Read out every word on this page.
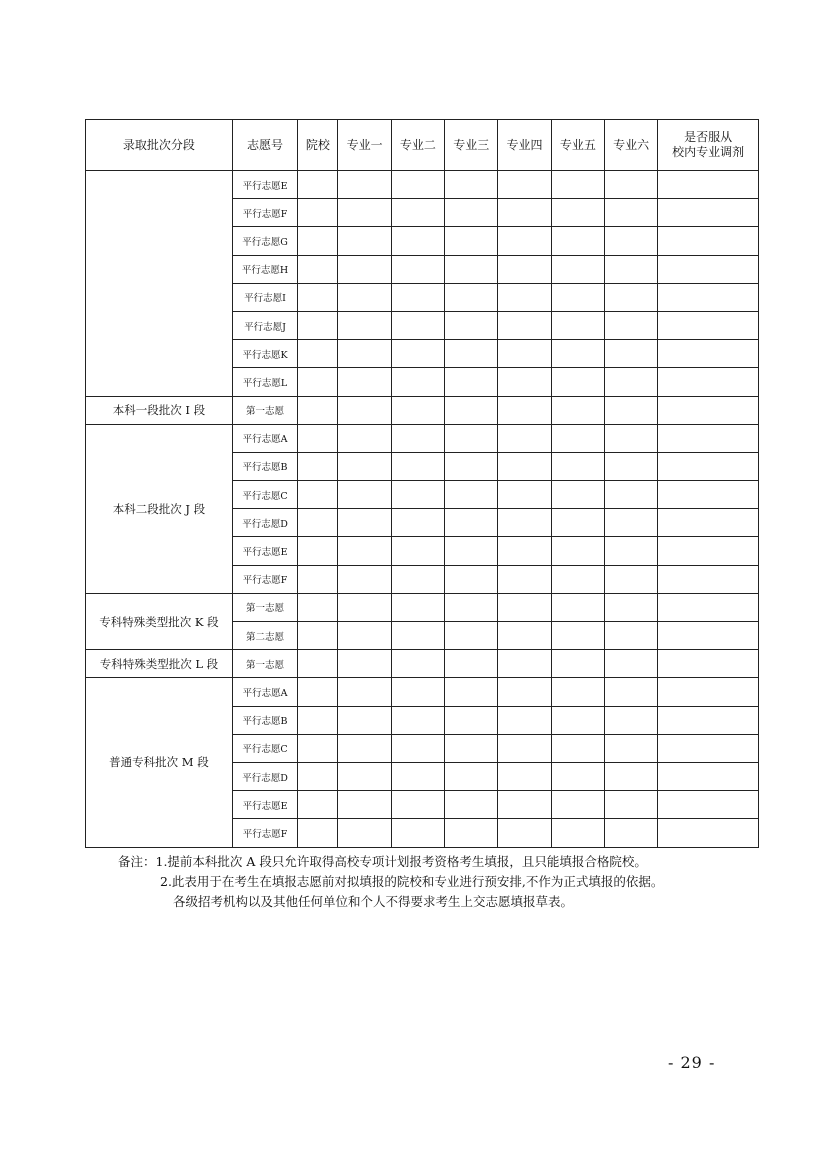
录取批次分段	志愿号	院校	专业一	专业二	专业三	专业四	专业五	专业六	是否服从
校内专业调剂

	平行志愿E								
	平行志愿F								
	平行志愿G								
	平行志愿H								
	平行志愿I								
	平行志愿J								
	平行志愿K								
	平行志愿L								
本科一段批次 I 段	第一志愿								
本科二段批次 J 段	平行志愿A								
	平行志愿B								
	平行志愿C								
	平行志愿D								
	平行志愿E								
	平行志愿F								
专科特殊类型批次 K 段	第一志愿								
	第二志愿								
专科特殊类型批次 L 段	第一志愿								
普通专科批次 M 段	平行志愿A								
	平行志愿B								
	平行志愿C								
	平行志愿D								
	平行志愿E								
	平行志愿F								
备注：1.提前本科批次 A 段只允许取得高校专项计划报考资格考生填报，且只能填报合格院校。
2.此表用于在考生在填报志愿前对拟填报的院校和专业进行预安排,不作为正式填报的依据。
各级招考机构以及其他任何单位和个人不得要求考生上交志愿填报草表。
- 29 -
